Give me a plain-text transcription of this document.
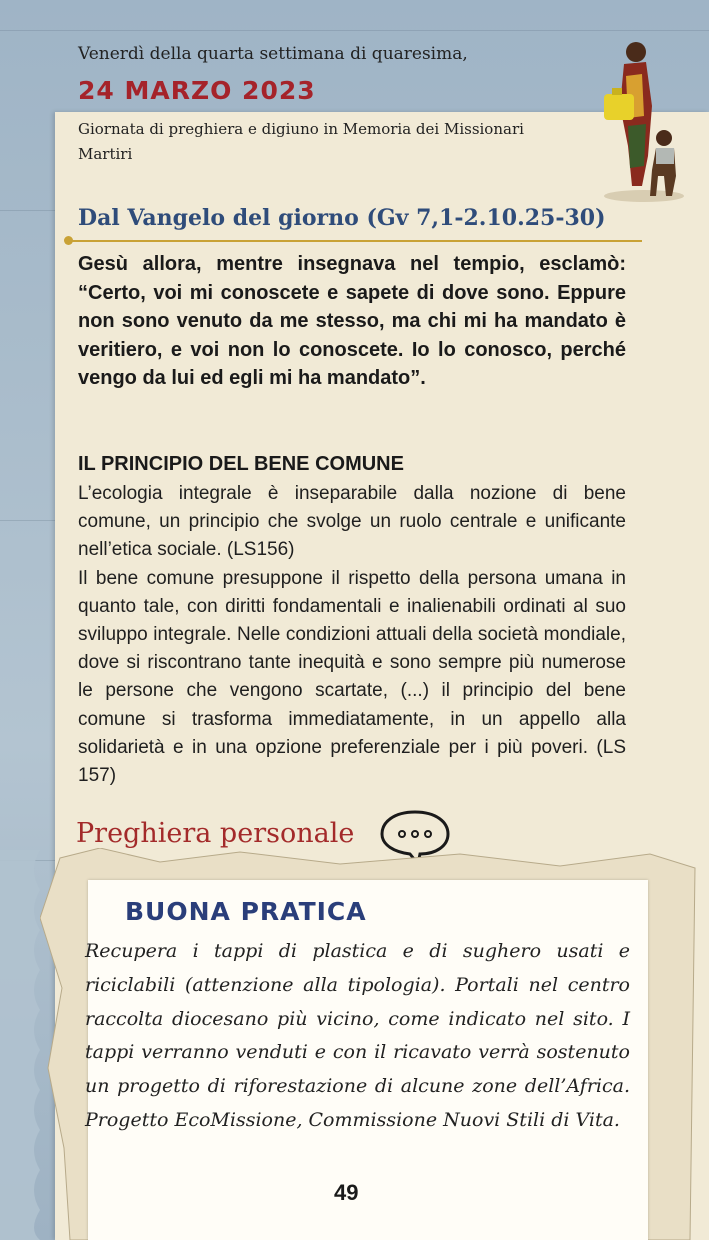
Venerdì della quarta settimana di quaresima,
24 MARZO 2023
Giornata di preghiera e digiuno in Memoria dei Missionari Martiri
Dal Vangelo del giorno (Gv 7,1-2.10.25-30)
Gesù allora, mentre insegnava nel tempio, esclamò: “Certo, voi mi conoscete e sapete di dove sono. Eppure non sono venuto da me stesso, ma chi mi ha mandato è veritiero, e voi non lo conoscete. Io lo conosco, perché vengo da lui ed egli mi ha mandato”.
IL PRINCIPIO DEL BENE COMUNE

L’ecologia integrale è inseparabile dalla nozione di bene comune, un principio che svolge un ruolo centrale e unificante nell’etica sociale. (LS156)

Il bene comune presuppone il rispetto della persona umana in quanto tale, con diritti fondamentali e inalienabili ordinati al suo sviluppo integrale. Nelle condizioni attuali della società mondiale, dove si riscontrano tante inequità e sono sempre più numerose le persone che vengono scartate, (...) il principio del bene comune si trasforma immediatamente, in un appello alla solidarietà e in una opzione preferenziale per i più poveri. (LS 157)

Preghiera personale
BUONA PRATICA
Recupera i tappi di plastica e di sughero usati e riciclabili (attenzione alla tipologia). Portali nel centro raccolta diocesano più vicino, come indicato nel sito. I tappi verranno venduti e con il ricavato verrà sostenuto un progetto di riforestazione di alcune zone dell’Africa. Progetto EcoMissione, Commissione Nuovi Stili di Vita.
49
